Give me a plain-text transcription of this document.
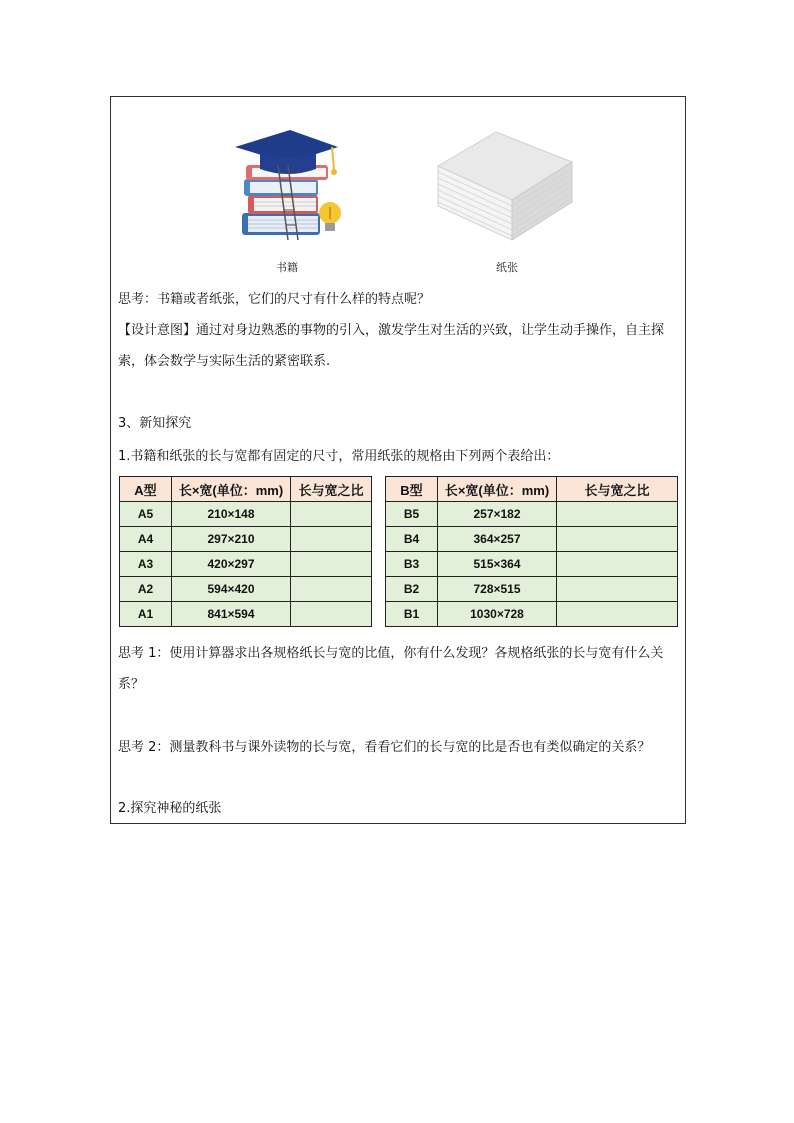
书籍	纸张
思考：书籍或者纸张，它们的尺寸有什么样的特点呢？
【设计意图】通过对身边熟悉的事物的引入，激发学生对生活的兴致，让学生动手操作，自主探索，体会数学与实际生活的紧密联系.
3、新知探究
1.书籍和纸张的长与宽都有固定的尺寸，常用纸张的规格由下列两个表给出：
A型	长×宽(单位：mm)	长与宽之比		B型	长×宽(单位：mm)	长与宽之比
A5	210×148			B5	257×182	
A4	297×210			B4	364×257	
A3	420×297			B3	515×364	
A2	594×420			B2	728×515	
A1	841×594			B1	1030×728	
思考 1：使用计算器求出各规格纸长与宽的比值，你有什么发现？各规格纸张的长与宽有什么关系？
思考 2：测量教科书与课外读物的长与宽，看看它们的长与宽的比是否也有类似确定的关系？
2.探究神秘的纸张
